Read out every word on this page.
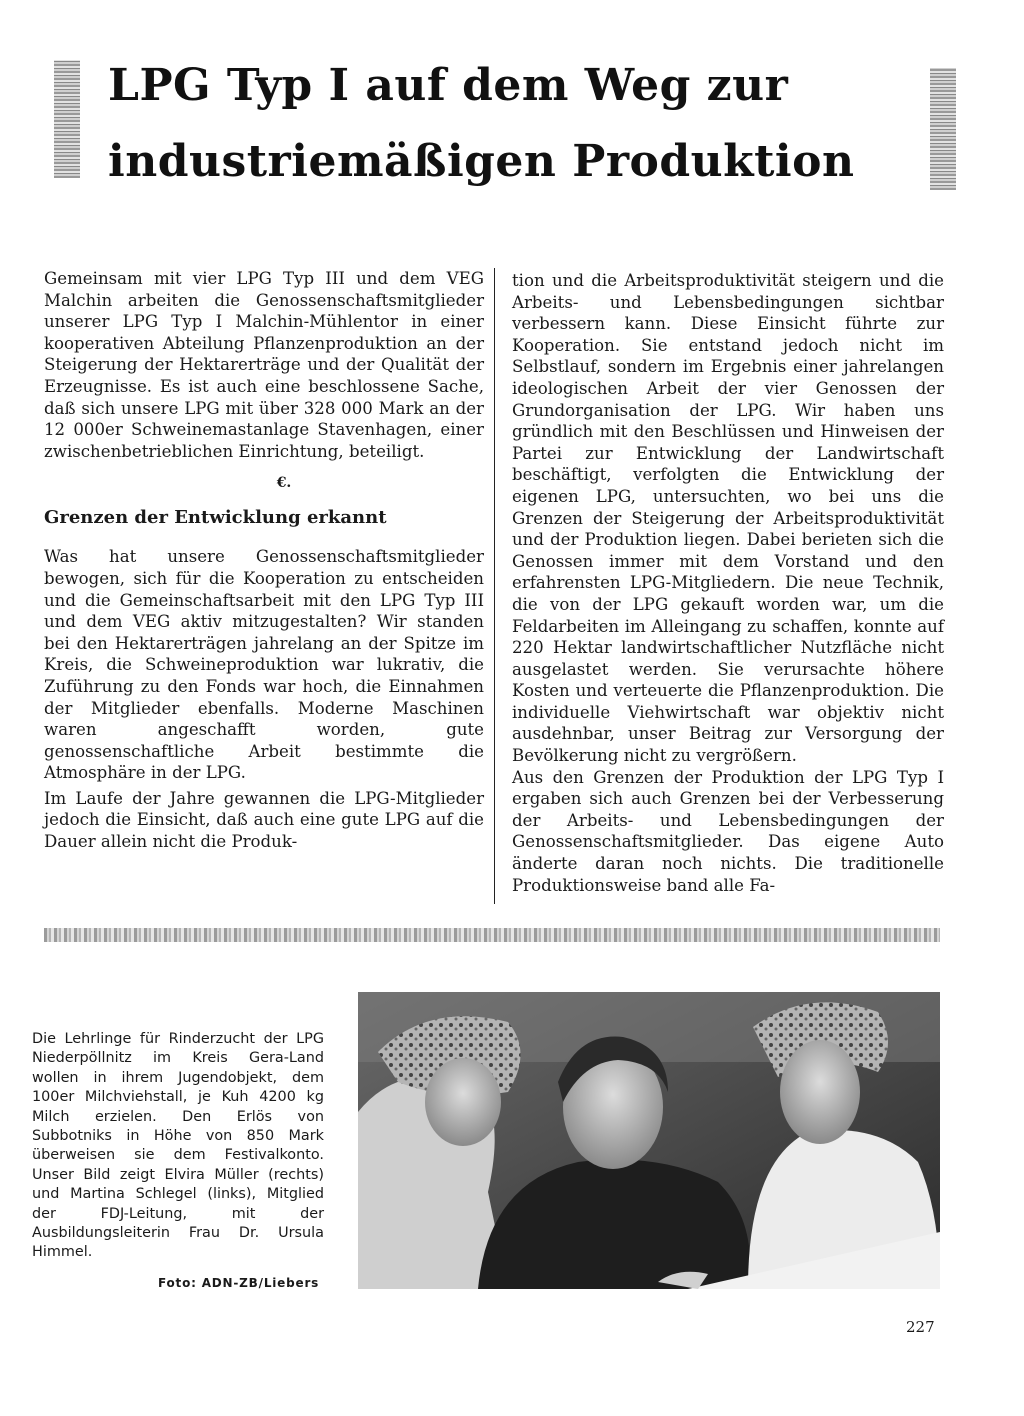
LPG Typ I auf dem Weg zur
industriemäßigen Produktion

Gemeinsam mit vier LPG Typ III und dem VEG Malchin arbeiten die Genossenschaftsmitglieder unserer LPG Typ I Malchin-Mühlentor in einer kooperativen Abteilung Pflanzenproduktion an der Steigerung der Hektarerträge und der Qualität der Erzeugnisse. Es ist auch eine beschlossene Sache, daß sich unsere LPG mit über 328 000 Mark an der 12 000er Schweinemastanlage Stavenhagen, einer zwischenbetrieblichen Einrichtung, beteiligt.

€.
Grenzen der Entwicklung erkannt

Was hat unsere Genossenschaftsmitglieder bewogen, sich für die Kooperation zu entscheiden und die Gemeinschaftsarbeit mit den LPG Typ III und dem VEG aktiv mitzugestalten? Wir standen bei den Hektarerträgen jahrelang an der Spitze im Kreis, die Schweineproduktion war lukrativ, die Zuführung zu den Fonds war hoch, die Einnahmen der Mitglieder ebenfalls. Moderne Maschinen waren angeschafft worden, gute genossenschaftliche Arbeit bestimmte die Atmosphäre in der LPG.

Im Laufe der Jahre gewannen die LPG-Mitglieder jedoch die Einsicht, daß auch eine gute LPG auf die Dauer allein nicht die Produk-

tion und die Arbeitsproduktivität steigern und die Arbeits- und Lebensbedingungen sichtbar verbessern kann. Diese Einsicht führte zur Kooperation. Sie entstand jedoch nicht im Selbstlauf, sondern im Ergebnis einer jahrelangen ideologischen Arbeit der vier Genossen der Grundorganisation der LPG. Wir haben uns gründlich mit den Beschlüssen und Hinweisen der Partei zur Entwicklung der Landwirtschaft beschäftigt, verfolgten die Entwicklung der eigenen LPG, untersuchten, wo bei uns die Grenzen der Steigerung der Arbeitsproduktivität und der Produktion liegen. Dabei berieten sich die Genossen immer mit dem Vorstand und den erfahrensten LPG-Mitgliedern. Die neue Technik, die von der LPG gekauft worden war, um die Feldarbeiten im Alleingang zu schaffen, konnte auf 220 Hektar landwirtschaftlicher Nutzfläche nicht ausgelastet werden. Sie verursachte höhere Kosten und verteuerte die Pflanzenproduktion. Die individuelle Viehwirtschaft war objektiv nicht ausdehnbar, unser Beitrag zur Versorgung der Bevölkerung nicht zu vergrößern.

Aus den Grenzen der Produktion der LPG Typ I ergaben sich auch Grenzen bei der Verbesserung der Arbeits- und Lebensbedingungen der Genossenschaftsmitglieder. Das eigene Auto änderte daran noch nichts. Die traditionelle Produktionsweise band alle Fa-

Die Lehrlinge für Rinderzucht der LPG Niederpöllnitz im Kreis Gera-Land wollen in ihrem Jugendobjekt, dem 100er Milchviehstall, je Kuh 4200 kg Milch erzielen. Den Erlös von Subbotniks in Höhe von 850 Mark überweisen sie dem Festivalkonto. Unser Bild zeigt Elvira Müller (rechts) und Martina Schlegel (links), Mitglied der FDJ-Leitung, mit der Ausbildungsleiterin Frau Dr. Ursula Himmel.

Foto: ADN-ZB/Liebers
227
